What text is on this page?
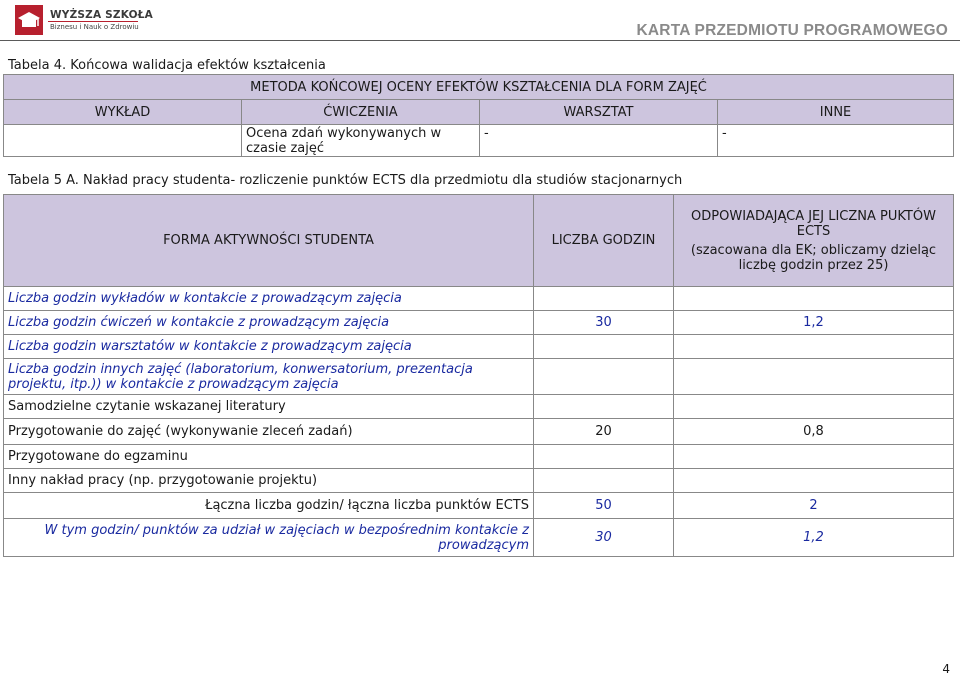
WYŻSZA SZKOŁA
Biznesu i Nauk o Zdrowiu	KARTA PRZEDMIOTU PROGRAMOWEGO
Tabela 4. Końcowa walidacja efektów kształcenia
METODA KOŃCOWEJ OCENY EFEKTÓW KSZTAŁCENIA DLA FORM ZAJĘĆ			
WYKŁAD	ĆWICZENIA	WARSZTAT	INNE
	Ocena zdań wykonywanych w czasie zajęć	-	-
Tabela 5 A. Nakład pracy studenta- rozliczenie punktów ECTS dla przedmiotu dla studiów stacjonarnych
FORMA AKTYWNOŚCI STUDENTA	LICZBA GODZIN	ODPOWIADAJĄCA JEJ LICZNA PUKTÓW ECTS
(szacowana dla EK; obliczamy dzieląc liczbę godzin przez 25)

Liczba godzin wykładów w kontakcie z prowadzącym zajęcia		
Liczba godzin ćwiczeń w kontakcie z prowadzącym zajęcia	30	1,2
Liczba godzin warsztatów w kontakcie z prowadzącym zajęcia		
Liczba godzin innych zajęć (laboratorium, konwersatorium, prezentacja projektu, itp.)) w kontakcie z prowadzącym zajęcia		
Samodzielne czytanie wskazanej literatury		
Przygotowanie do zajęć (wykonywanie zleceń zadań)	20	0,8
Przygotowane do egzaminu		
Inny nakład pracy (np. przygotowanie projektu)		
Łączna liczba godzin/ łączna liczba punktów ECTS	50	2
W tym godzin/ punktów za udział w zajęciach w bezpośrednim kontakcie z prowadzącym	30	1,2
4
